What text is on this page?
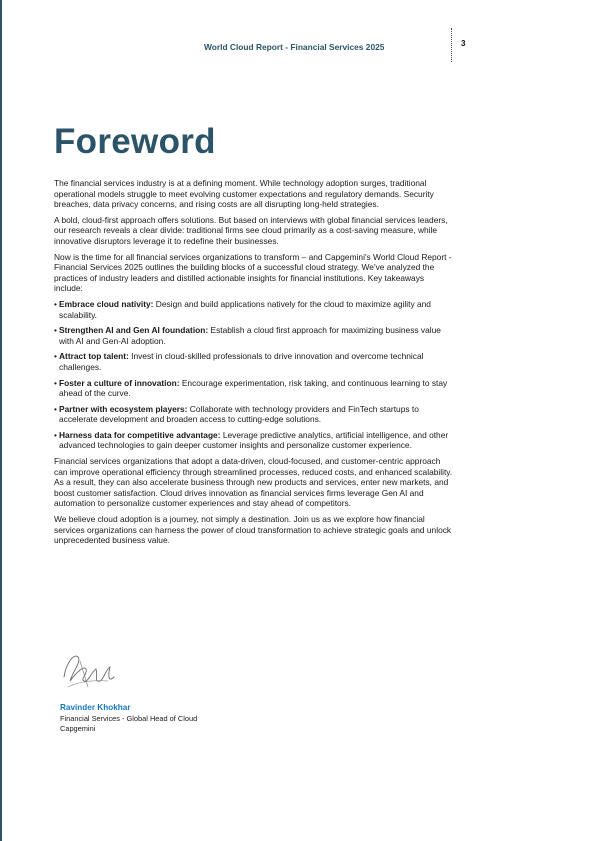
World Cloud Report - Financial Services 2025	3
Foreword

The financial services industry is at a defining moment. While technology adoption surges, traditional operational models struggle to meet evolving customer expectations and regulatory demands. Security breaches, data privacy concerns, and rising costs are all disrupting long-held strategies.

A bold, cloud-first approach offers solutions. But based on interviews with global financial services leaders, our research reveals a clear divide: traditional firms see cloud primarily as a cost-saving measure, while innovative disruptors leverage it to redefine their businesses.

Now is the time for all financial services organizations to transform – and Capgemini's World Cloud Report - Financial Services 2025 outlines the building blocks of a successful cloud strategy. We've analyzed the practices of industry leaders and distilled actionable insights for financial institutions. Key takeaways include:

• Embrace cloud nativity: Design and build applications natively for the cloud to maximize agility and scalability.
• Strengthen AI and Gen AI foundation: Establish a cloud first approach for maximizing business value with AI and Gen-AI adoption.
• Attract top talent: Invest in cloud-skilled professionals to drive innovation and overcome technical challenges.
• Foster a culture of innovation: Encourage experimentation, risk taking, and continuous learning to stay ahead of the curve.
• Partner with ecosystem players: Collaborate with technology providers and FinTech startups to accelerate development and broaden access to cutting-edge solutions.
• Harness data for competitive advantage: Leverage predictive analytics, artificial intelligence, and other advanced technologies to gain deeper customer insights and personalize customer experience.

Financial services organizations that adopt a data-driven, cloud-focused, and customer-centric approach can improve operational efficiency through streamlined processes, reduced costs, and enhanced scalability. As a result, they can also accelerate business through new products and services, enter new markets, and boost customer satisfaction. Cloud drives innovation as financial services firms leverage Gen AI and automation to personalize customer experiences and stay ahead of competitors.

We believe cloud adoption is a journey, not simply a destination. Join us as we explore how financial services organizations can harness the power of cloud transformation to achieve strategic goals and unlock unprecedented business value.

Ravinder Khokhar
Financial Services - Global Head of Cloud
Capgemini
